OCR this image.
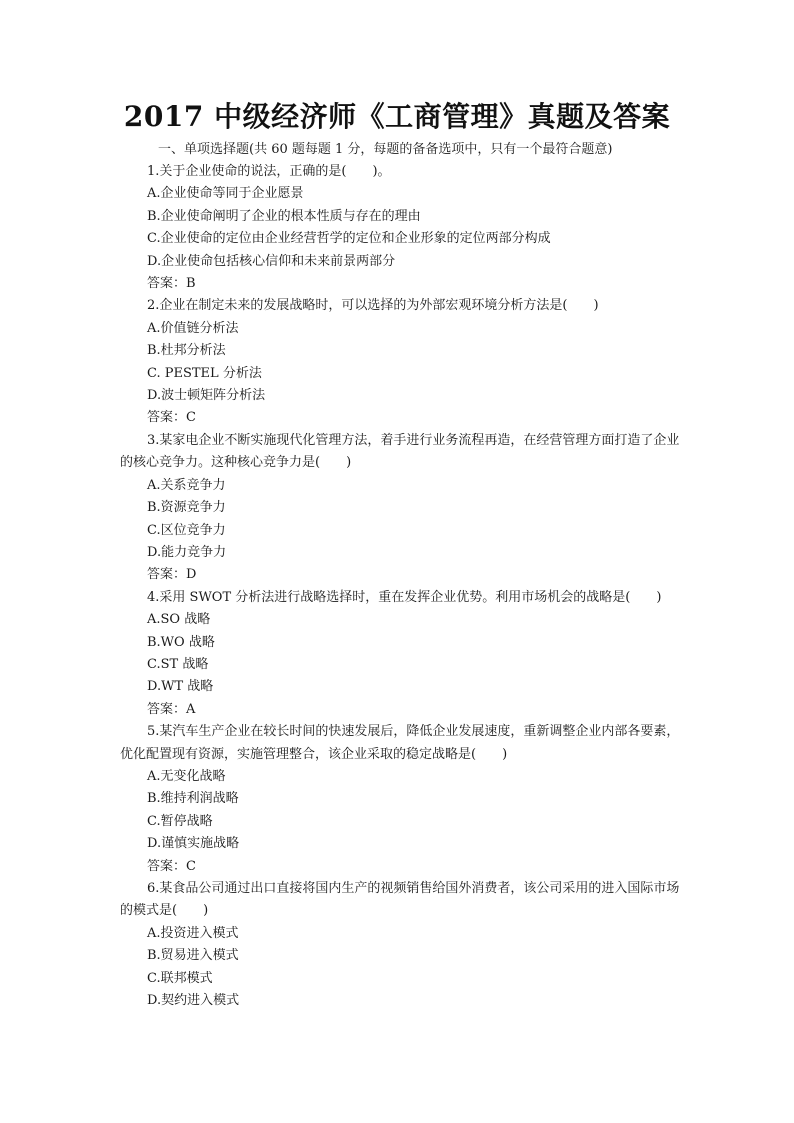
2017 中级经济师《工商管理》真题及答案
一、单项选择题(共 60 题每题 1 分，每题的备备选项中，只有一个最符合题意)

1.关于企业使命的说法，正确的是(　　)。

A.企业使命等同于企业愿景

B.企业使命阐明了企业的根本性质与存在的理由

C.企业使命的定位由企业经营哲学的定位和企业形象的定位两部分构成

D.企业使命包括核心信仰和未来前景两部分

答案：B

2.企业在制定未来的发展战略时，可以选择的为外部宏观环境分析方法是(　　)

A.价值链分析法

B.杜邦分析法

C. PESTEL 分析法

D.波士顿矩阵分析法

答案：C

3.某家电企业不断实施现代化管理方法，着手进行业务流程再造，在经营管理方面打造了企业的核心竞争力。这种核心竞争力是(　　)

A.关系竞争力

B.资源竞争力

C.区位竞争力

D.能力竞争力

答案：D

4.采用 SWOT 分析法进行战略选择时，重在发挥企业优势。利用市场机会的战略是(　　)

A.SO 战略

B.WO 战略

C.ST 战略

D.WT 战略

答案：A

5.某汽车生产企业在较长时间的快速发展后，降低企业发展速度，重新调整企业内部各要素，优化配置现有资源，实施管理整合，该企业采取的稳定战略是(　　)

A.无变化战略

B.维持利润战略

C.暂停战略

D.谨慎实施战略

答案：C

6.某食品公司通过出口直接将国内生产的视频销售给国外消费者，该公司采用的进入国际市场的模式是(　　)

A.投资进入模式

B.贸易进入模式

C.联邦模式

D.契约进入模式
